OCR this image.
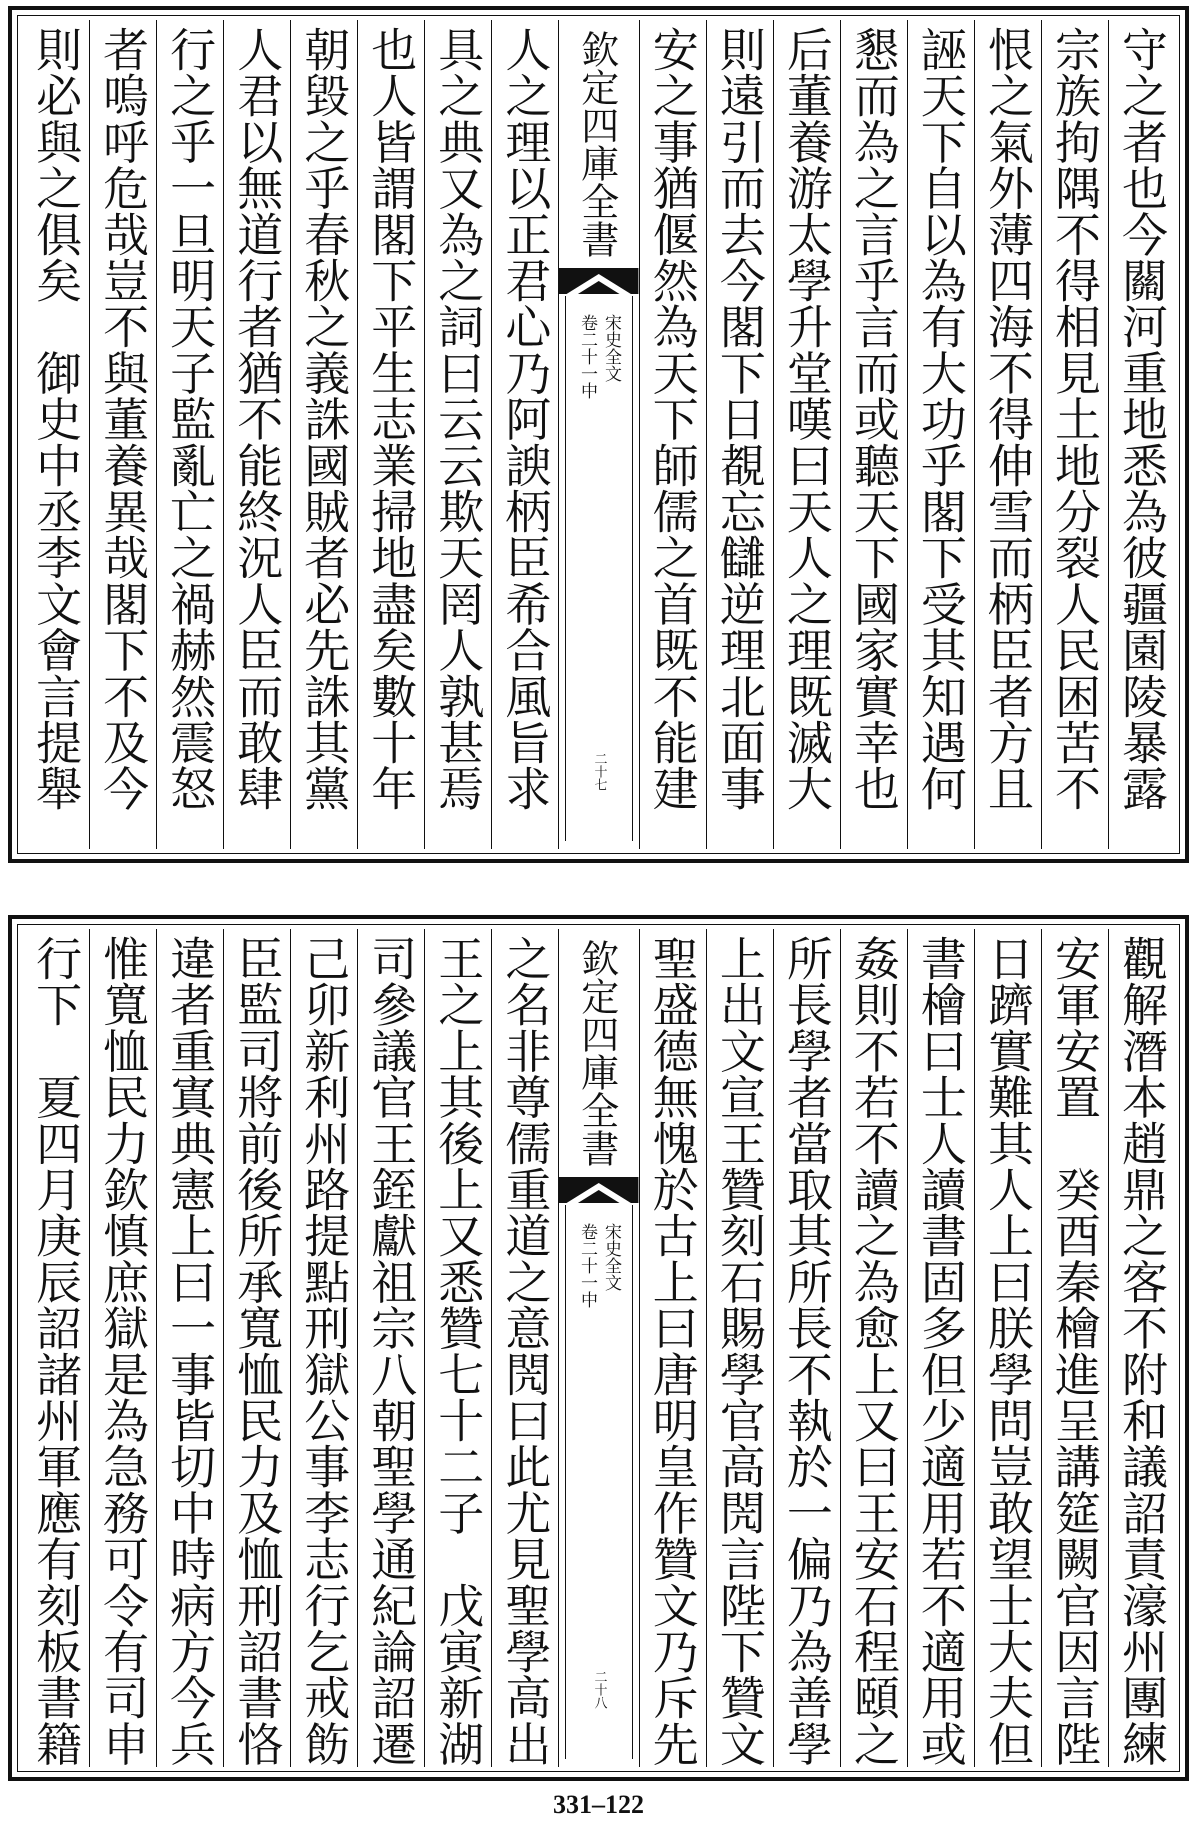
守之者也今關河重地悉為彼疆園陵暴露
宗族拘隅不得相見土地分裂人民困苦不
恨之氣外薄四海不得伸雪而柄臣者方且
誣天下自以為有大功乎閣下受其知遇何
懇而為之言乎言而或聽天下國家實幸也
后董養游太學升堂嘆曰天人之理既滅大
則遠引而去今閣下日覩忘讎逆理北面事
安之事猶偃然為天下師儒之首既不能建
欽定四庫全書
宋史全文
卷二十一中
二十七
人之理以正君心乃阿諛柄臣希合風旨求
具之典又為之詞曰云云欺天罔人孰甚焉
也人皆謂閣下平生志業掃地盡矣數十年
朝毀之乎春秋之義誅國賊者必先誅其黨
人君以無道行者猶不能終況人臣而敢肆
行之乎一旦明天子監亂亡之禍赫然震怒
者嗚呼危哉豈不與董養異哉閣下不及今
則必與之俱矣　御史中丞李文會言提舉
觀解潛本趙鼎之客不附和議詔責濠州團練
安軍安置　癸酉秦檜進呈講筵闕官因言陛
日躋實難其人上曰朕學問豈敢望士大夫但
書檜曰士人讀書固多但少適用若不適用或
姦則不若不讀之為愈上又曰王安石程頤之
所長學者當取其所長不執於一偏乃為善學　
上出文宣王贊刻石賜學官高閌言陛下贊文
聖盛德無愧於古上曰唐明皇作贊文乃斥先
欽定四庫全書
宋史全文
卷二十一中
二十八
之名非尊儒重道之意閌曰此尤見聖學高出
王之上其後上又悉贊七十二子　戊寅新湖
司參議官王銍獻祖宗八朝聖學通紀論詔遷
己卯新利州路提點刑獄公事李志行乞戒飭
臣監司將前後所承寬恤民力及恤刑詔書恪
違者重寘典憲上曰一事皆切中時病方今兵
惟寬恤民力欽慎庶獄是為急務可令有司申
行下　夏四月庚辰詔諸州軍應有刻板書籍
331–122
